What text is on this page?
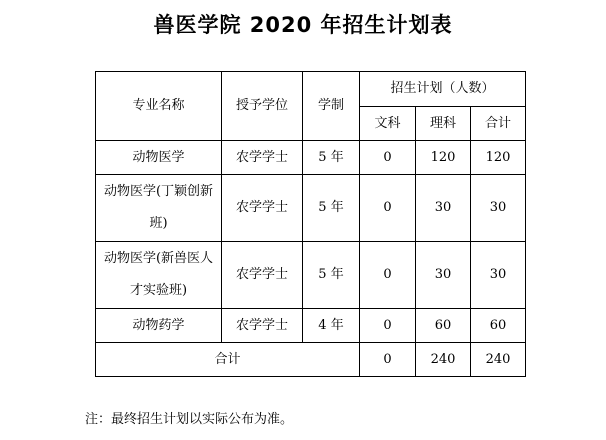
兽医学院 2020 年招生计划表
专业名称	授予学位	学制	招生计划（人数）		
			文科	理科	合计
动物医学	农学学士	5 年	0	120	120
动物医学(丁颖创新班)	农学学士	5 年	0	30	30
动物医学(新兽医人才实验班)	农学学士	5 年	0	30	30
动物药学	农学学士	4 年	0	60	60
合计			0	240	240
注：最终招生计划以实际公布为准。
